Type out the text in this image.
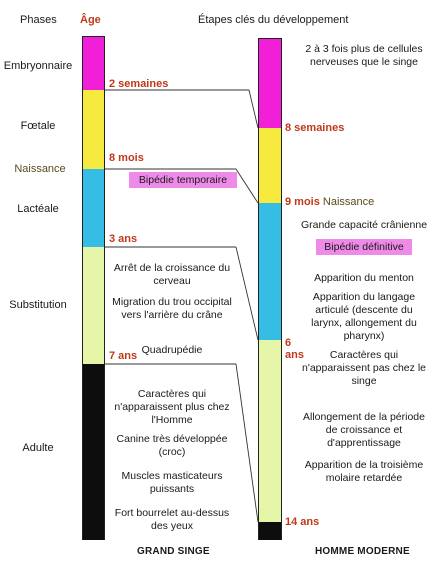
Phases Âge	Étapes clés du développement
Embryonnaire
Fœtale
Naissance
Lactéale
Substitution
Adulte
2 semaines
8 mois
3 ans
7 ans
8 semaines
9 mois Naissance
6
ans
14 ans
Bipédie temporaire
Arrêt de la croissance du cerveau
Migration du trou occipital vers l'arrière du crâne
Quadrupédie
Caractères qui n'apparaissent plus chez l'Homme
Canine très développée (croc)
Muscles masticateurs puissants
Fort bourrelet au-dessus des yeux
2 à 3 fois plus de cellules nerveuses que le singe
Grande capacité crânienne
Bipédie définitive
Apparition du menton
Apparition du langage articulé (descente du larynx, allongement du pharynx)
Caractères qui n'apparaissent pas chez le singe
Allongement de la période de croissance et d'apprentissage
Apparition de la troisième molaire retardée
GRAND SINGE	HOMME MODERNE
